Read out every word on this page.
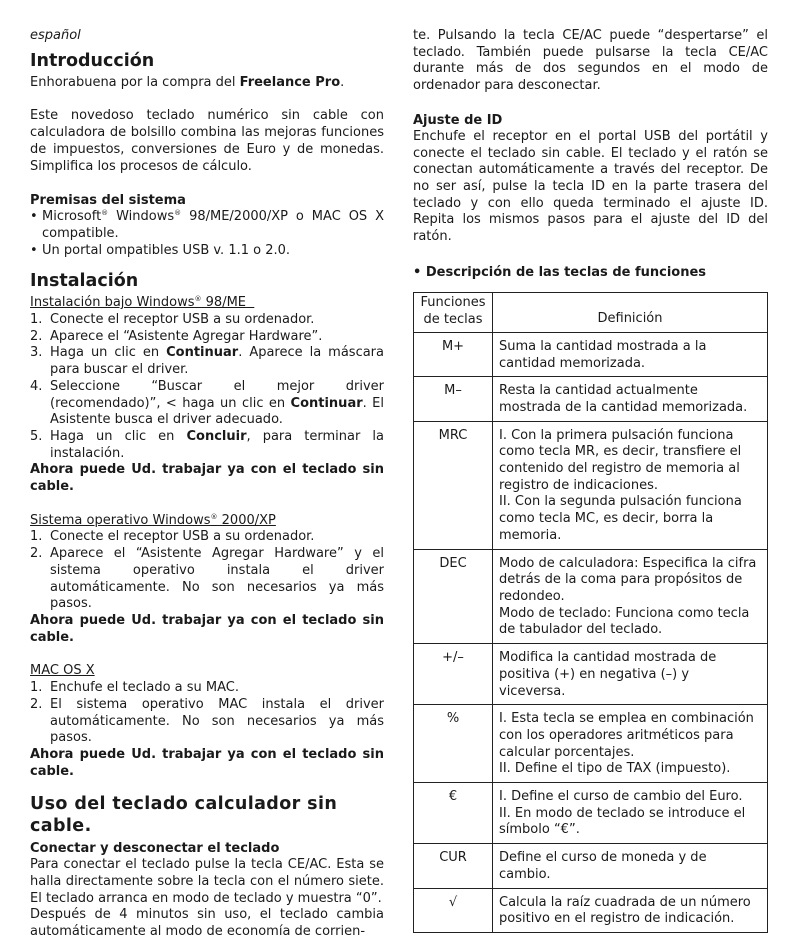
español

Introducción

Enhorabuena por la compra del Freelance Pro.

Este novedoso teclado numérico sin cable con calculadora de bolsillo combina las mejoras funciones de impuestos, conversiones de Euro y de monedas. Simplifica los procesos de cálculo.

Premisas del sistema
• Microsoft® Windows® 98/ME/2000/XP o MAC OS X compatible.
• Un portal ompatibles USB v. 1.1 o 2.0.
Instalación

Instalación bajo Windows® 98/ME

1. Conecte el receptor USB a su ordenador.
2. Aparece el “Asistente Agregar Hardware”.
3. Haga un clic en Continuar. Aparece la máscara para buscar el driver.
4. Seleccione “Buscar el mejor driver (recomendado)”, < haga un clic en Continuar. El Asistente busca el driver adecuado.
5. Haga un clic en Concluir, para terminar la instalación.

Ahora puede Ud. trabajar ya con el teclado sin cable.

Sistema operativo Windows® 2000/XP

1. Conecte el receptor USB a su ordenador.
2. Aparece el “Asistente Agregar Hardware” y el sistema operativo instala el driver automáticamente. No son necesarios ya más pasos.

Ahora puede Ud. trabajar ya con el teclado sin cable.

MAC OS X

1. Enchufe el teclado a su MAC.
2. El sistema operativo MAC instala el driver automáticamente. No son necesarios ya más pasos.

Ahora puede Ud. trabajar ya con el teclado sin cable.

Uso del teclado calculador sin cable.
Conectar y desconectar el teclado

Para conectar el teclado pulse la tecla CE/AC. Esta se halla directamente sobre la tecla con el número siete. El teclado arranca en modo de teclado y muestra “0”.

Después de 4 minutos sin uso, el teclado cambia automáticamente al modo de economía de corrien-

te. Pulsando la tecla CE/AC puede “despertarse” el teclado. También puede pulsarse la tecla CE/AC durante más de dos segundos en el modo de ordenador para desconectar.

Ajuste de ID

Enchufe el receptor en el portal USB del portátil y conecte el teclado sin cable. El teclado y el ratón se conectan automáticamente a través del receptor. De no ser así, pulse la tecla ID en la parte trasera del teclado y con ello queda terminado el ajuste ID. Repita los mismos pasos para el ajuste del ID del ratón.

• Descripción de las teclas de funciones

Funciones de teclas	Definición
M+	Suma la cantidad mostrada a la cantidad memorizada.

M–	Resta la cantidad actualmente mostrada de la cantidad memorizada.

MRC	I. Con la primera pulsación funciona como tecla MR, es decir, transfiere el contenido del registro de memoria al registro de indicaciones.
II. Con la segunda pulsación funciona como tecla MC, es decir, borra la memoria.

DEC	Modo de calculadora: Especifica la cifra detrás de la coma para propósitos de redondeo.
Modo de teclado: Funciona como tecla de tabulador del teclado.

+/–	Modifica la cantidad mostrada de positiva (+) en negativa (–) y viceversa.

%	I. Esta tecla se emplea en combinación con los operadores aritméticos para calcular porcentajes.
II. Define el tipo de TAX (impuesto).

€	I. Define el curso de cambio del Euro.
II. En modo de teclado se introduce el símbolo “€”.

CUR	Define el curso de moneda y de cambio.

√	Calcula la raíz cuadrada de un número positivo en el registro de indicación.
